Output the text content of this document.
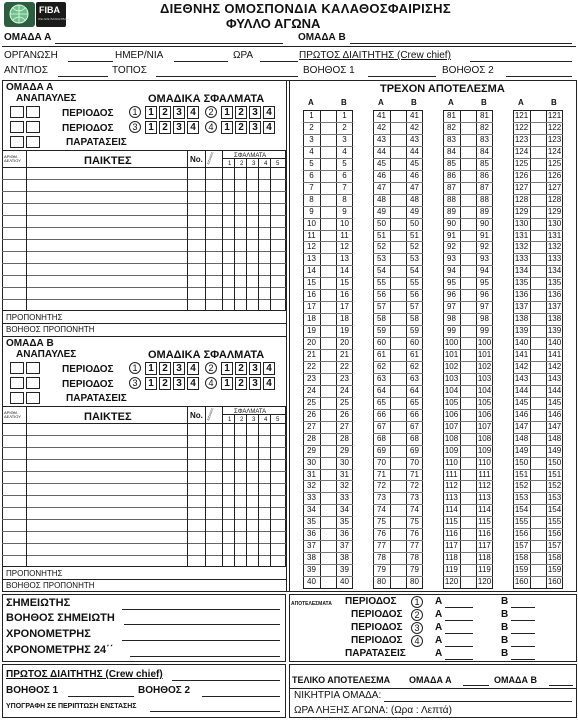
FIBA
WE ARE BASKETBALL
ΔΙΕΘΝΗΣ ΟΜΟΣΠΟΝΔΙΑ ΚΑΛΑΘΟΣΦΑΙΡΙΣΗΣ
ΦΥΛΛΟ ΑΓΩΝΑ
ΟΜΑΔΑ Α	ΟΜΑΔΑ Β
ΟΡΓΑΝΩΣΗ	ΗΜΕΡ/ΝΙΑ	ΩΡΑ	ΠΡΩΤΟΣ ΔΙΑΙΤΗΤΗΣ (Crew chief)
ΑΝΤ/ΠΟΣ	ΤΟΠΟΣ	ΒΟΗΘΟΣ 1	ΒΟΗΘΟΣ 2
ΟΜΑΔΑ Α
ΑΝΑΠΑΥΛΕΣ	ΟΜΑΔΙΚΑ ΣΦΑΛΜΑΤΑ
ΠΕΡΙΟΔΟΣ
ΠΕΡΙΟΔΟΣ
ΠΑΡΑΤΑΣΕΙΣ
1	2
3	4
1 2 3 4	1 2 3 4
1 2 3 4	1 2 3 4
ΑΡΙΘΜ. ΔΕΛΤΙΟΥ	ΠΑΙΚΤΕΣ	No. ΕΙΣΟΔΟΣ	ΣΦΑΛΜΑΤΑ
1 2 3 4 5
ΠΡΟΠΟΝΗΤΗΣ
ΒΟΗΘΟΣ ΠΡΟΠΟΝΗΤΗ
ΟΜΑΔΑ Β
ΑΝΑΠΑΥΛΕΣ	ΟΜΑΔΙΚΑ ΣΦΑΛΜΑΤΑ
ΠΕΡΙΟΔΟΣ
ΠΕΡΙΟΔΟΣ
ΠΑΡΑΤΑΣΕΙΣ
1	2
3	4
1 2 3 4	1 2 3 4
1 2 3 4	1 2 3 4
ΑΡΙΘΜ. ΔΕΛΤΙΟΥ	ΠΑΙΚΤΕΣ	No. ΕΙΣΟΔΟΣ	ΣΦΑΛΜΑΤΑ
1 2 3 4 5
ΠΡΟΠΟΝΗΤΗΣ
ΒΟΗΘΟΣ ΠΡΟΠΟΝΗΤΗ
ΤΡΕΧΟΝ ΑΠΟΤΕΛΕΣΜΑ
A	B
1	1
2	2
3	3
4	4
5	5
6	6
7	7
8	8
9	9
10	10
11	11
12	12
13	13
14	14
15	15
16	16
17	17
18	18
19	19
20	20
21	21
22	22
23	23
24	24
25	25
26	26
27	27
28	28
29	29
30	30
31	31
32	32
33	33
34	34
35	35
36	36
37	37
38	38
39	39
40	40
A	B
41	41
42	42
43	43
44	44
45	45
46	46
47	47
48	48
49	49
50	50
51	51
52	52
53	53
54	54
55	55
56	56
57	57
58	58
59	59
60	60
61	61
62	62
63	63
64	64
65	65
66	66
67	67
68	68
69	69
70	70
71	71
72	72
73	73
74	74
75	75
76	76
77	77
78	78
79	79
80	80
A	B
81	81
82	82
83	83
84	84
85	85
86	86
87	87
88	88
89	89
90	90
91	91
92	92
93	93
94	94
95	95
96	96
97	97
98	98
99	99
100 100
101 101
102 102
103 103
104 104
105 105
106 106
107 107
108 108
109 109
110	110
111	111
112	112
113	113
114	114
115	115
116	116
117	117
118	118
119	119
120 120
A	B
121 121
122 122
123 123
124 124
125 125
126 126
127 127
128 128
129 129
130 130
131 131
132 132
133 133
134 134
135 135
136 136
137 137
138 138
139 139
140 140
141 141
142 142
143 143
144 144
145 145
146 146
147 147
148 148
149 149
150 150
151 151
152 152
153 153
154 154
155 155
156 156
157 157
158 158
159 159
160 160
ΣΗΜΕΙΩΤΗΣ
ΒΟΗΘΟΣ ΣΗΜΕΙΩΤΗ
ΧΡΟΝΟΜΕΤΡΗΣ
ΧΡΟΝΟΜΕΤΡΗΣ 24΄΄
ΑΠΟΤΕΛΕΣΜΑΤΑ ΠΕΡΙΟΔΟΣ	1	Α	Β
ΠΕΡΙΟΔΟΣ	2	Α	Β
ΠΕΡΙΟΔΟΣ	3	Α	Β
ΠΕΡΙΟΔΟΣ	4	Α	Β
ΠΑΡΑΤΑΣΕΙΣ	Α	Β
ΠΡΩΤΟΣ ΔΙΑΙΤΗΤΗΣ (Crew chief)
ΒΟΗΘΟΣ 1	ΒΟΗΘΟΣ 2
ΥΠΟΓΡΑΦΗ ΣΕ ΠΕΡΙΠΤΩΣΗ ΕΝΣΤΑΣΗΣ
ΤΕΛΙΚΟ ΑΠΟΤΕΛΕΣΜΑ ΟΜΑΔΑ Α	ΟΜΑΔΑ Β
ΝΙΚΗΤΡΙΑ ΟΜΑΔΑ:
ΩΡΑ ΛΗΞΗΣ ΑΓΩΝΑ: (Ωρα : Λεπτά)
